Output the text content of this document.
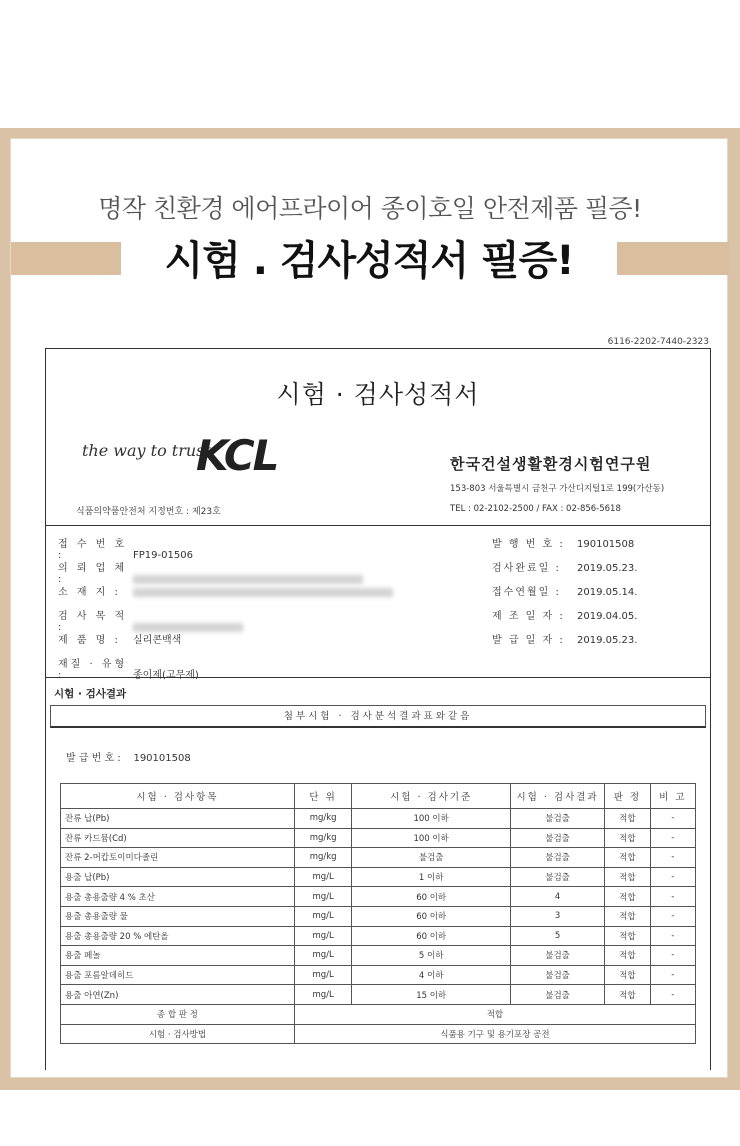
명작 친환경 에어프라이어 종이호일 안전제품 필증!
시험 . 검사성적서 필증!
6116-2202-7440-2323
시험 · 검사성적서
the way to trust
KCL	한국건설생활환경시험연구원
153-803 서울특별시 금천구 가산디지털1로 199(가산동)
TEL : 02-2102-2500 / FAX : 02-856-5618
식품의약품안전처 지정번호 : 제23호
접 수 번 호 :	FP19-01506
의 뢰 업 체 :
소 재 지 :
검 사 목 적 :
제 품 명 : 실리콘백색
재질 · 유형 :	종이제(고무제)
발 행 번 호 : 190101508
검사완료일 : 2019.05.23.
접수연월일 : 2019.05.14.
제 조 일 자 : 2019.04.05.
발 급 일 자 : 2019.05.23.
시험 · 검사결과
첨부시험 · 검사분석결과표와같음
발 급 번 호 : 190101508
시험 · 검사항목	단 위	시험 · 검사기준	시험 · 검사결과	판 정	비 고
잔류 납(Pb)	mg/kg	100 이하	불검출	적합	-
잔류 카드뮴(Cd)	mg/kg	100 이하	불검출	적합	-
잔류 2-머캅토이미다졸린	mg/kg	불검출	불검출	적합	-
용출 납(Pb)	mg/L	1 이하	불검출	적합	-
용출 총용출량 4 % 초산	mg/L	60 이하	4	적합	-
용출 총용출량 물	mg/L	60 이하	3	적합	-
용출 총용출량 20 % 에탄올	mg/L	60 이하	5	적합	-
용출 페놀	mg/L	5 이하	불검출	적합	-
용출 포름알데히드	mg/L	4 이하	불검출	적합	-
용출 아연(Zn)	mg/L	15 이하	불검출	적합	-
종 합 판 정	적합				
시험 · 검사방법	식품용 기구 및 용기포장 공전				
